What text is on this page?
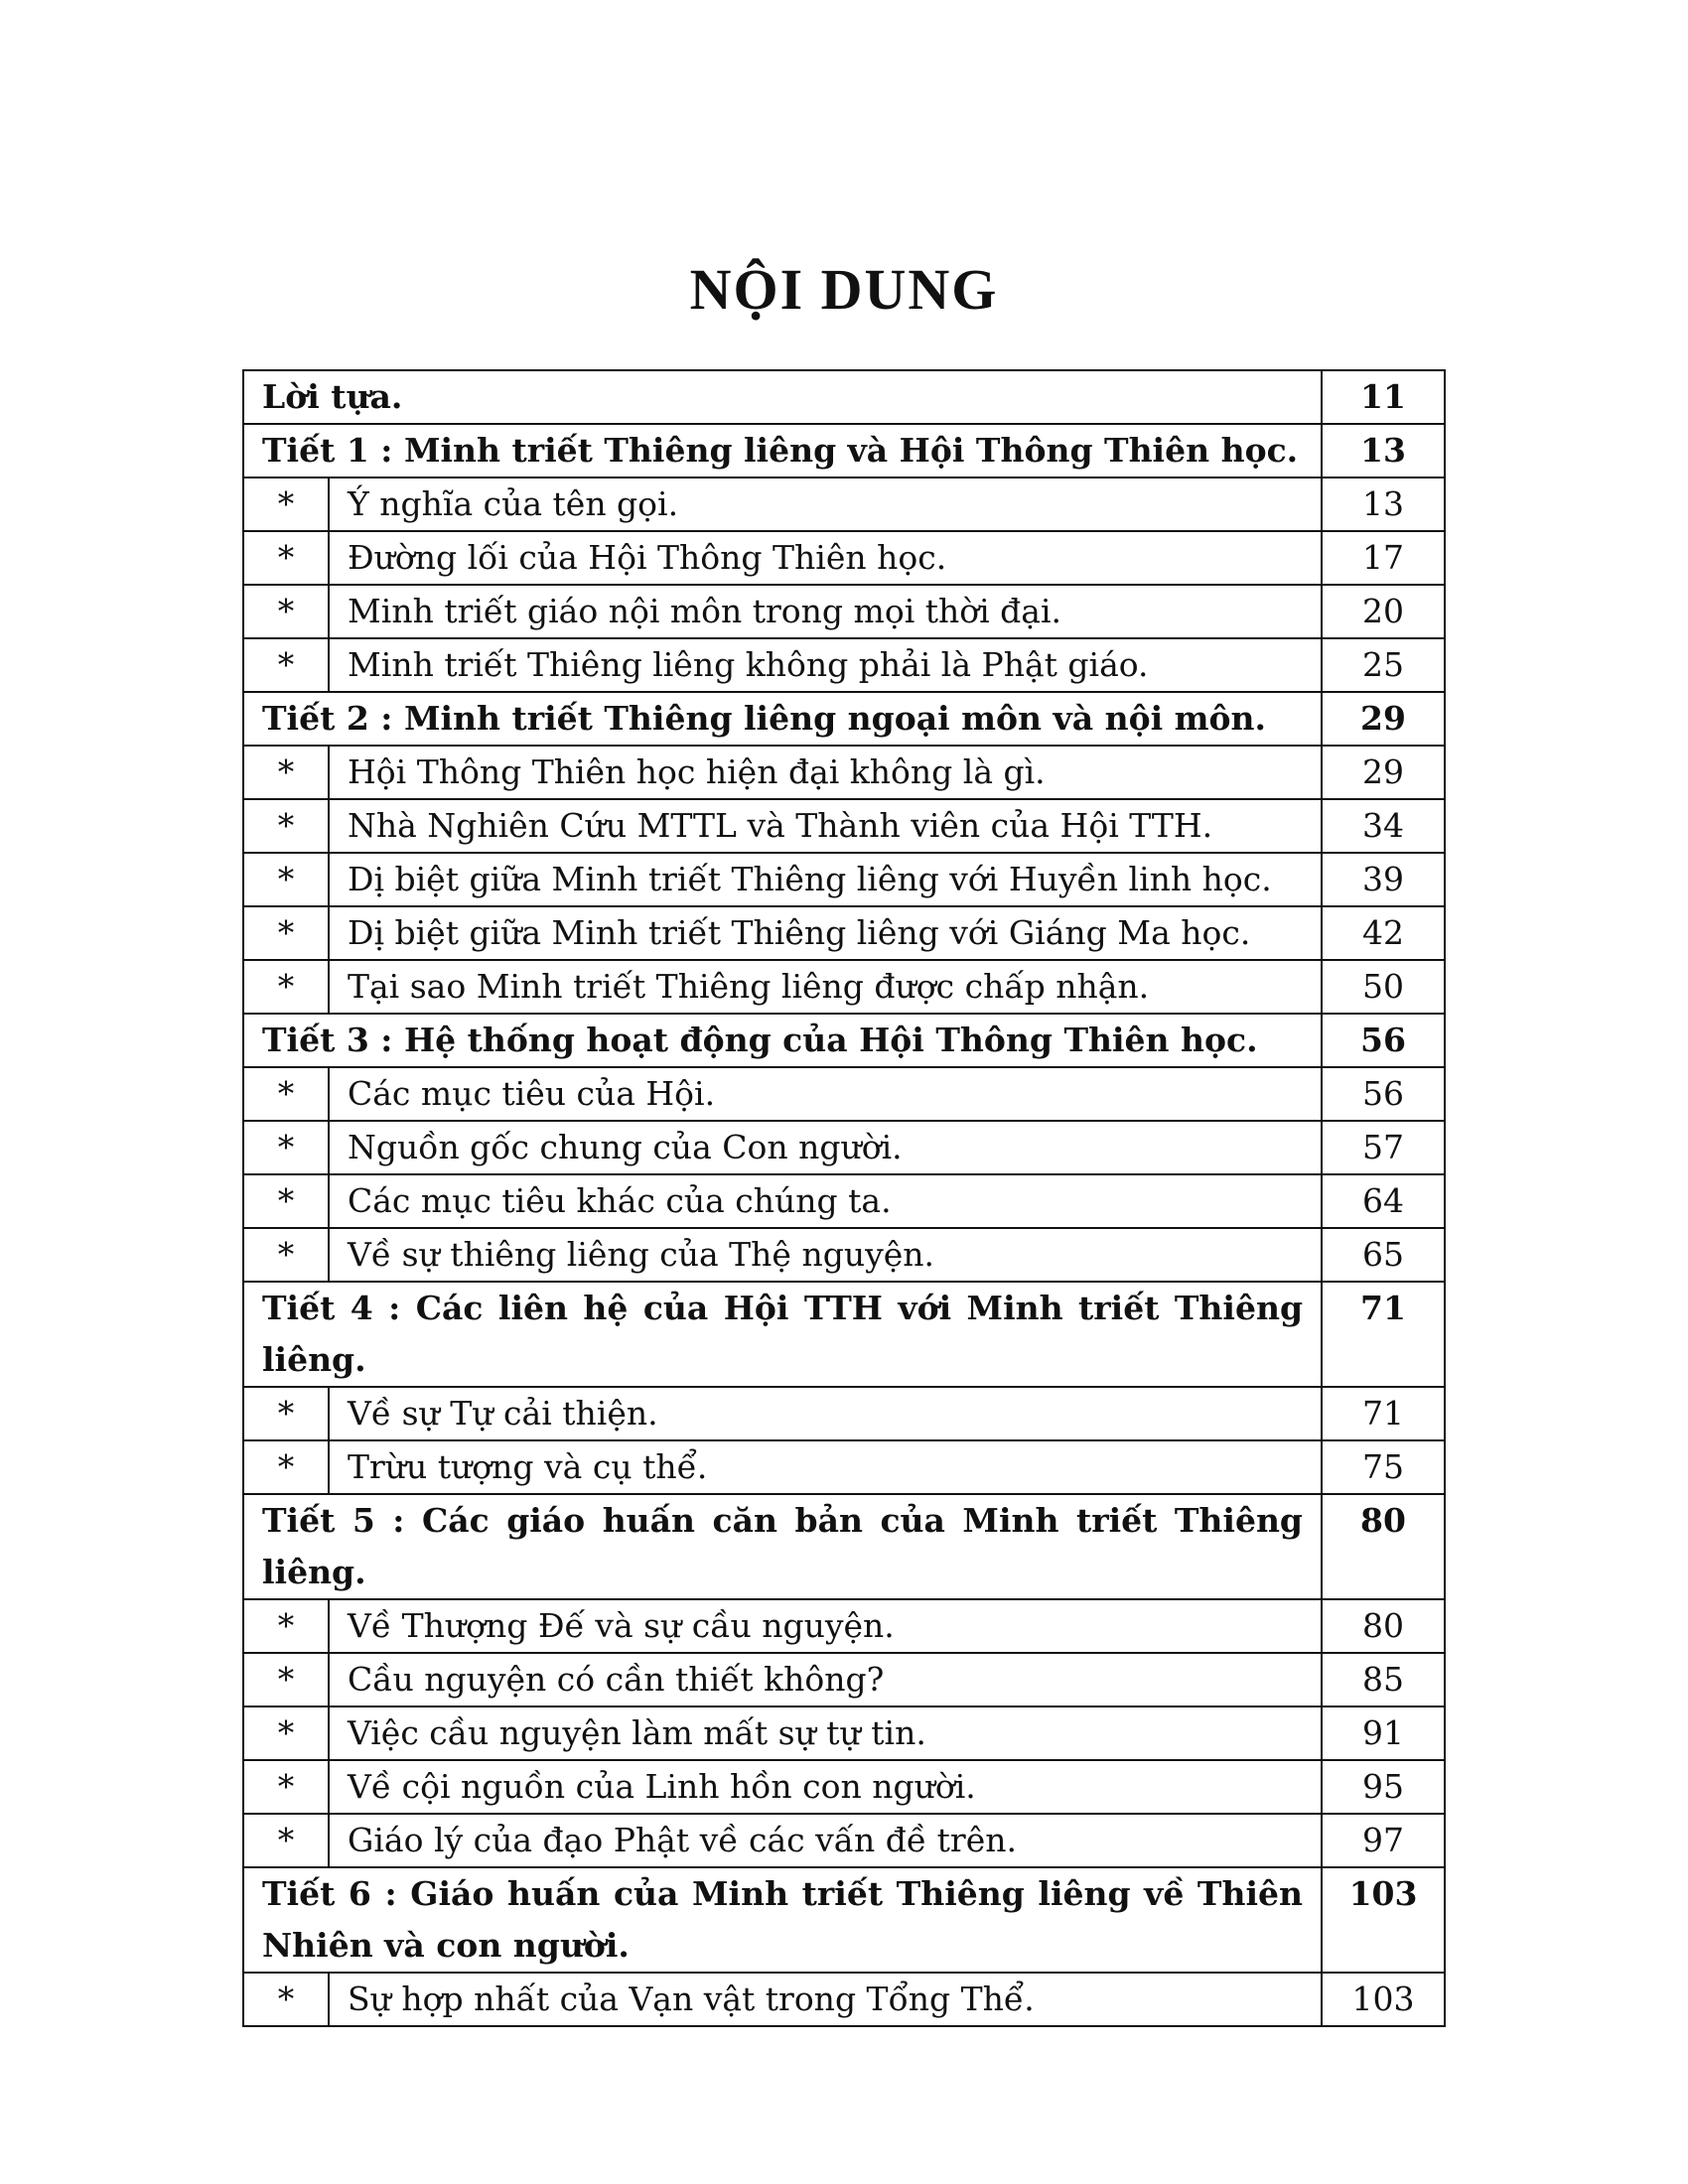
NỘI DUNG
Lời tựa.		11
Tiết 1 : Minh triết Thiêng liêng và Hội Thông Thiên học.		13
*	Ý nghĩa của tên gọi.	13
*	Đường lối của Hội Thông Thiên học.	17
*	Minh triết giáo nội môn trong mọi thời đại.	20
*	Minh triết Thiêng liêng không phải là Phật giáo.	25
Tiết 2 : Minh triết Thiêng liêng ngoại môn và nội môn.		29
*	Hội Thông Thiên học hiện đại không là gì.	29
*	Nhà Nghiên Cứu MTTL và Thành viên của Hội TTH.	34
*	Dị biệt giữa Minh triết Thiêng liêng với Huyền linh học.	39
*	Dị biệt giữa Minh triết Thiêng liêng với Giáng Ma học.	42
*	Tại sao Minh triết Thiêng liêng được chấp nhận.	50
Tiết 3 : Hệ thống hoạt động của Hội Thông Thiên học.		56
*	Các mục tiêu của Hội.	56
*	Nguồn gốc chung của Con người.	57
*	Các mục tiêu khác của chúng ta.	64
*	Về sự thiêng liêng của Thệ nguyện.	65
Tiết 4 : Các liên hệ của Hội TTH với Minh triết Thiêng liêng.		71
*	Về sự Tự cải thiện.	71
*	Trừu tượng và cụ thể.	75
Tiết 5 : Các giáo huấn căn bản của Minh triết Thiêng liêng.		80
*	Về Thượng Đế và sự cầu nguyện.	80
*	Cầu nguyện có cần thiết không?	85
*	Việc cầu nguyện làm mất sự tự tin.	91
*	Về cội nguồn của Linh hồn con người.	95
*	Giáo lý của đạo Phật về các vấn đề trên.	97
Tiết 6 : Giáo huấn của Minh triết Thiêng liêng về Thiên Nhiên và con người.		103
*	Sự hợp nhất của Vạn vật trong Tổng Thể.	103
